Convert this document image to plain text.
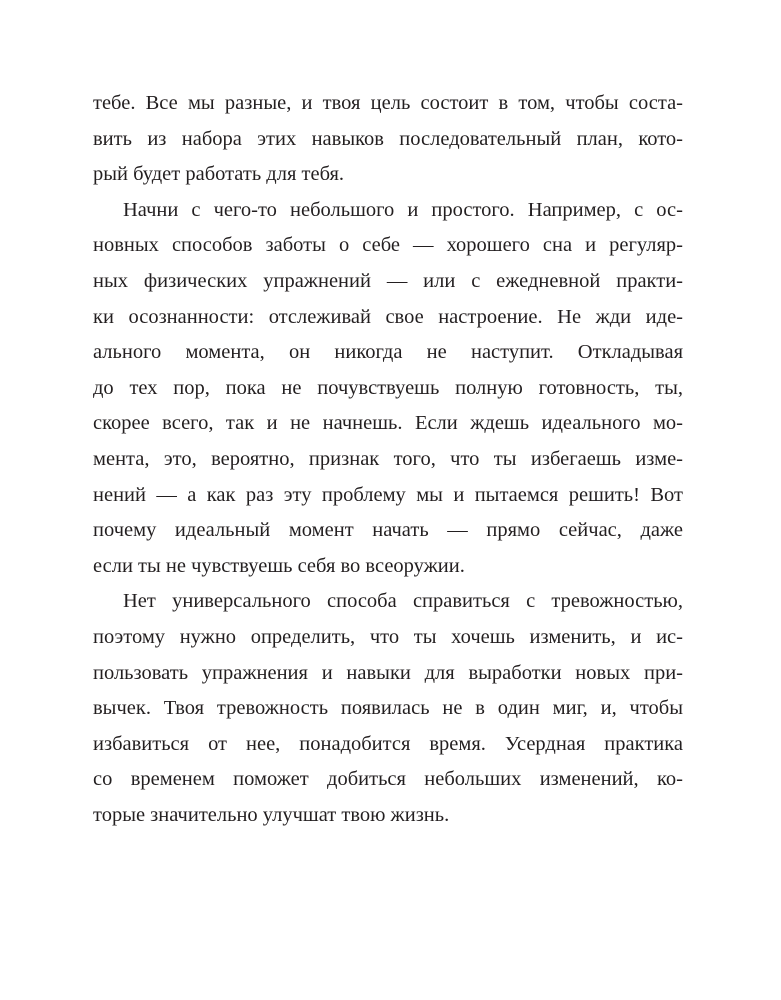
тебе. Все мы разные, и твоя цель состоит в том, чтобы соста-
вить из набора этих навыков последовательный план, кото-
рый будет работать для тебя.
Начни с чего-то небольшого и простого. Например, с ос-
новных способов заботы о себе — хорошего сна и регуляр-
ных физических упражнений — или с ежедневной практи-
ки осознанности: отслеживай свое настроение. Не жди иде-
ального момента, он никогда не наступит. Откладывая
до тех пор, пока не почувствуешь полную готовность, ты,
скорее всего, так и не начнешь. Если ждешь идеального мо-
мента, это, вероятно, признак того, что ты избегаешь изме-
нений — а как раз эту проблему мы и пытаемся решить! Вот
почему идеальный момент начать — прямо сейчас, даже
если ты не чувствуешь себя во всеоружии.
Нет универсального способа справиться с тревожностью,
поэтому нужно определить, что ты хочешь изменить, и ис-
пользовать упражнения и навыки для выработки новых при-
вычек. Твоя тревожность появилась не в один миг, и, чтобы
избавиться от нее, понадобится время. Усердная практика
со временем поможет добиться небольших изменений, ко-
торые значительно улучшат твою жизнь.
